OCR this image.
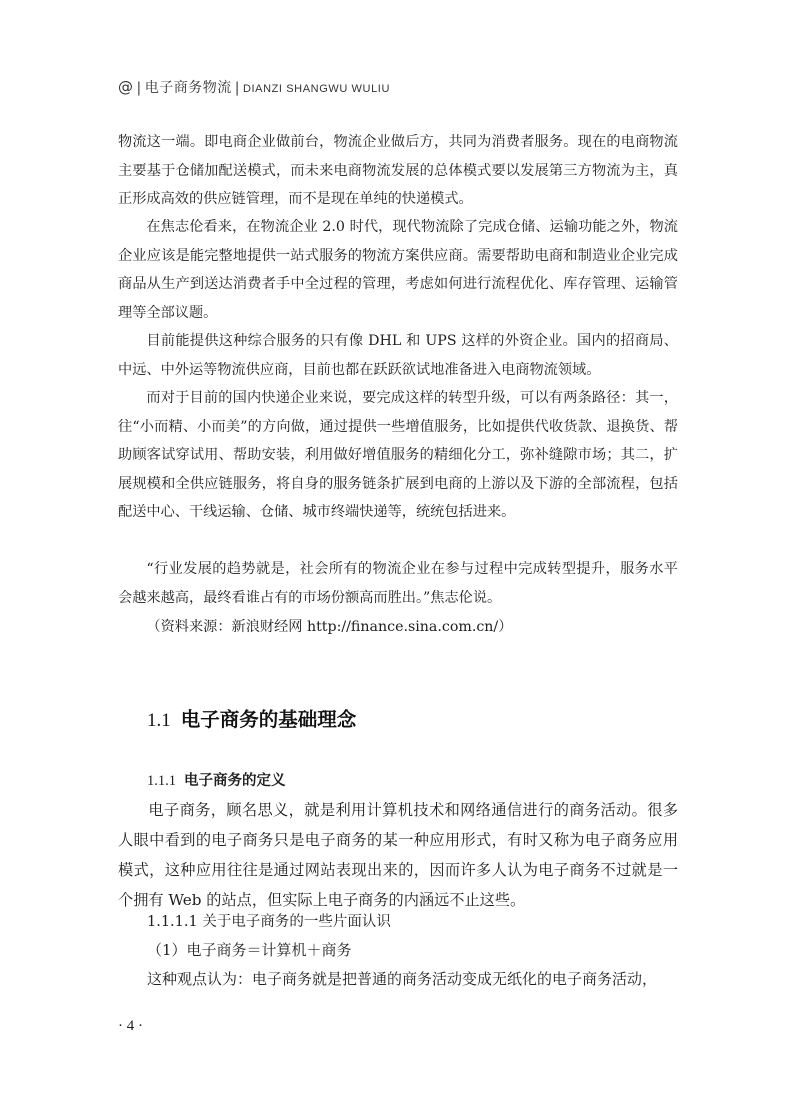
@ | 电子商务物流 | DIANZI SHANGWU WULIU

物流这一端。即电商企业做前台，物流企业做后方，共同为消费者服务。现在的电商物流主要基于仓储加配送模式，而未来电商物流发展的总体模式要以发展第三方物流为主，真正形成高效的供应链管理，而不是现在单纯的快递模式。

在焦志伦看来，在物流企业 2.0 时代，现代物流除了完成仓储、运输功能之外，物流企业应该是能完整地提供一站式服务的物流方案供应商。需要帮助电商和制造业企业完成商品从生产到送达消费者手中全过程的管理，考虑如何进行流程优化、库存管理、运输管理等全部议题。

目前能提供这种综合服务的只有像 DHL 和 UPS 这样的外资企业。国内的招商局、中远、中外运等物流供应商，目前也都在跃跃欲试地准备进入电商物流领域。

而对于目前的国内快递企业来说，要完成这样的转型升级，可以有两条路径：其一，往“小而精、小而美”的方向做，通过提供一些增值服务，比如提供代收货款、退换货、帮助顾客试穿试用、帮助安装，利用做好增值服务的精细化分工，弥补缝隙市场；其二，扩展规模和全供应链服务，将自身的服务链条扩展到电商的上游以及下游的全部流程，包括配送中心、干线运输、仓储、城市终端快递等，统统包括进来。

“行业发展的趋势就是，社会所有的物流企业在参与过程中完成转型提升，服务水平会越来越高，最终看谁占有的市场份额高而胜出。”焦志伦说。

（资料来源：新浪财经网 http://finance.sina.com.cn/）

1.1 电子商务的基础理念
1.1.1 电子商务的定义

电子商务，顾名思义，就是利用计算机技术和网络通信进行的商务活动。很多人眼中看到的电子商务只是电子商务的某一种应用形式，有时又称为电子商务应用模式，这种应用往往是通过网站表现出来的，因而许多人认为电子商务不过就是一个拥有 Web 的站点，但实际上电子商务的内涵远不止这些。

1.1.1.1 关于电子商务的一些片面认识
（1）电子商务＝计算机＋商务
这种观点认为：电子商务就是把普通的商务活动变成无纸化的电子商务活动，
· 4 ·
